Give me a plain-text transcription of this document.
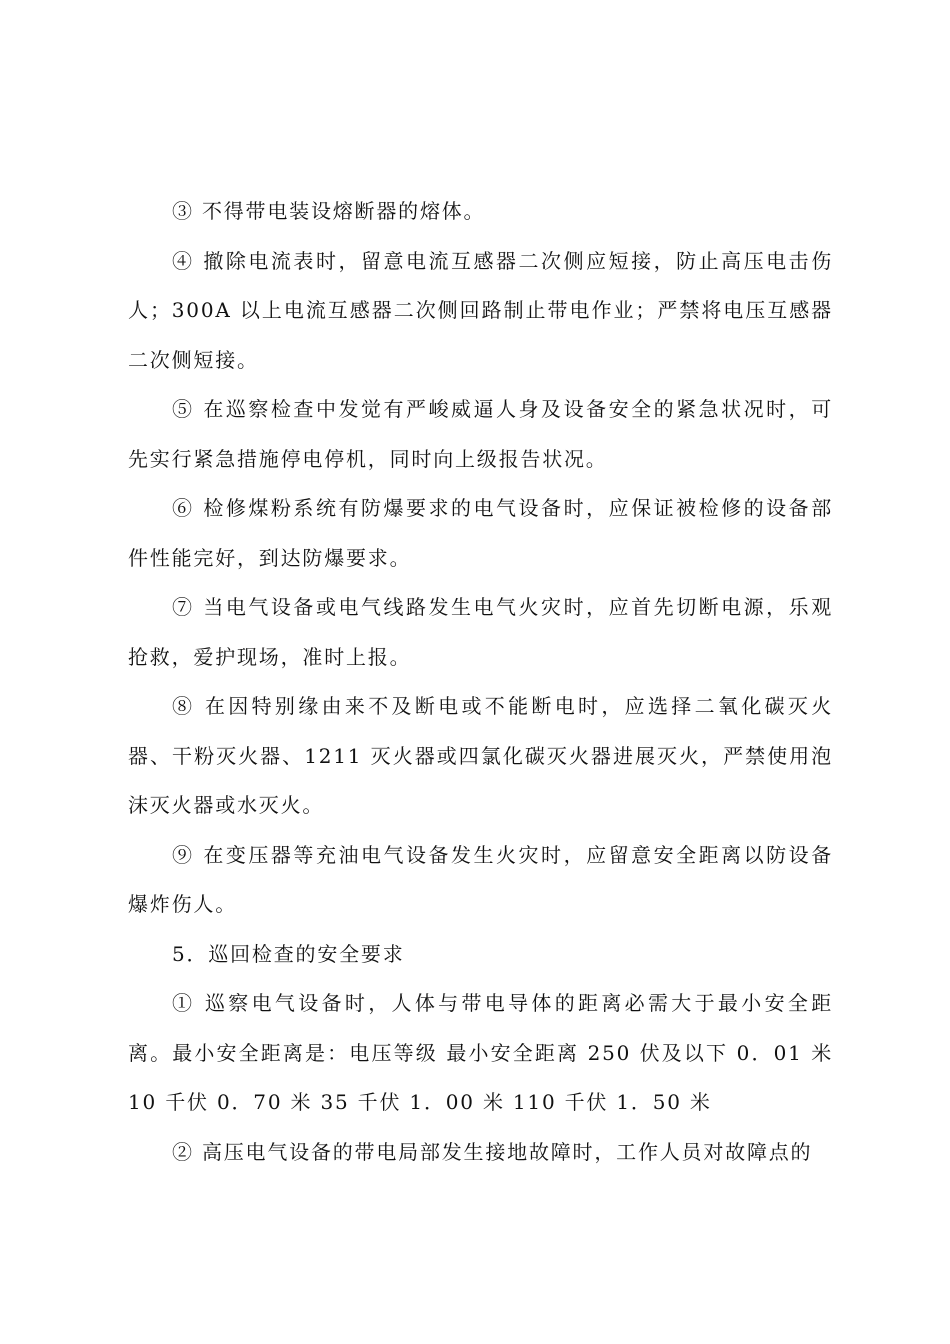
③ 不得带电装设熔断器的熔体。

④ 撤除电流表时，留意电流互感器二次侧应短接，防止高压电击伤人；300A 以上电流互感器二次侧回路制止带电作业；严禁将电压互感器二次侧短接。

⑤ 在巡察检查中发觉有严峻威逼人身及设备安全的紧急状况时，可先实行紧急措施停电停机，同时向上级报告状况。

⑥ 检修煤粉系统有防爆要求的电气设备时，应保证被检修的设备部件性能完好，到达防爆要求。

⑦ 当电气设备或电气线路发生电气火灾时，应首先切断电源，乐观抢救，爱护现场，准时上报。

⑧ 在因特别缘由来不及断电或不能断电时，应选择二氧化碳灭火器、干粉灭火器、1211 灭火器或四氯化碳灭火器进展灭火，严禁使用泡沫灭火器或水灭火。

⑨ 在变压器等充油电气设备发生火灾时，应留意安全距离以防设备爆炸伤人。

5．巡回检查的安全要求

① 巡察电气设备时，人体与带电导体的距离必需大于最小安全距离。最小安全距离是：电压等级 最小安全距离 250 伏及以下 0．01 米 10 千伏 0．70 米 35 千伏 1．00 米 110 千伏 1．50 米

② 高压电气设备的带电局部发生接地故障时，工作人员对故障点的
